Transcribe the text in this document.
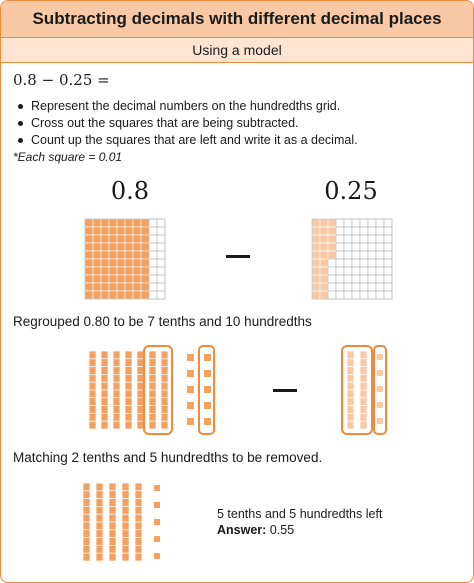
Subtracting decimals with different decimal places
Using a model
0.8 − 0.25 =
Represent the decimal numbers on the hundredths grid.
Cross out the squares that are being subtracted.
Count up the squares that are left and write it as a decimal.
*Each square = 0.01
0.8	0.25
Regrouped 0.80 to be 7 tenths and 10 hundredths
Matching 2 tenths and 5 hundredths to be removed.
5 tenths and 5 hundredths left
Answer: 0.55
